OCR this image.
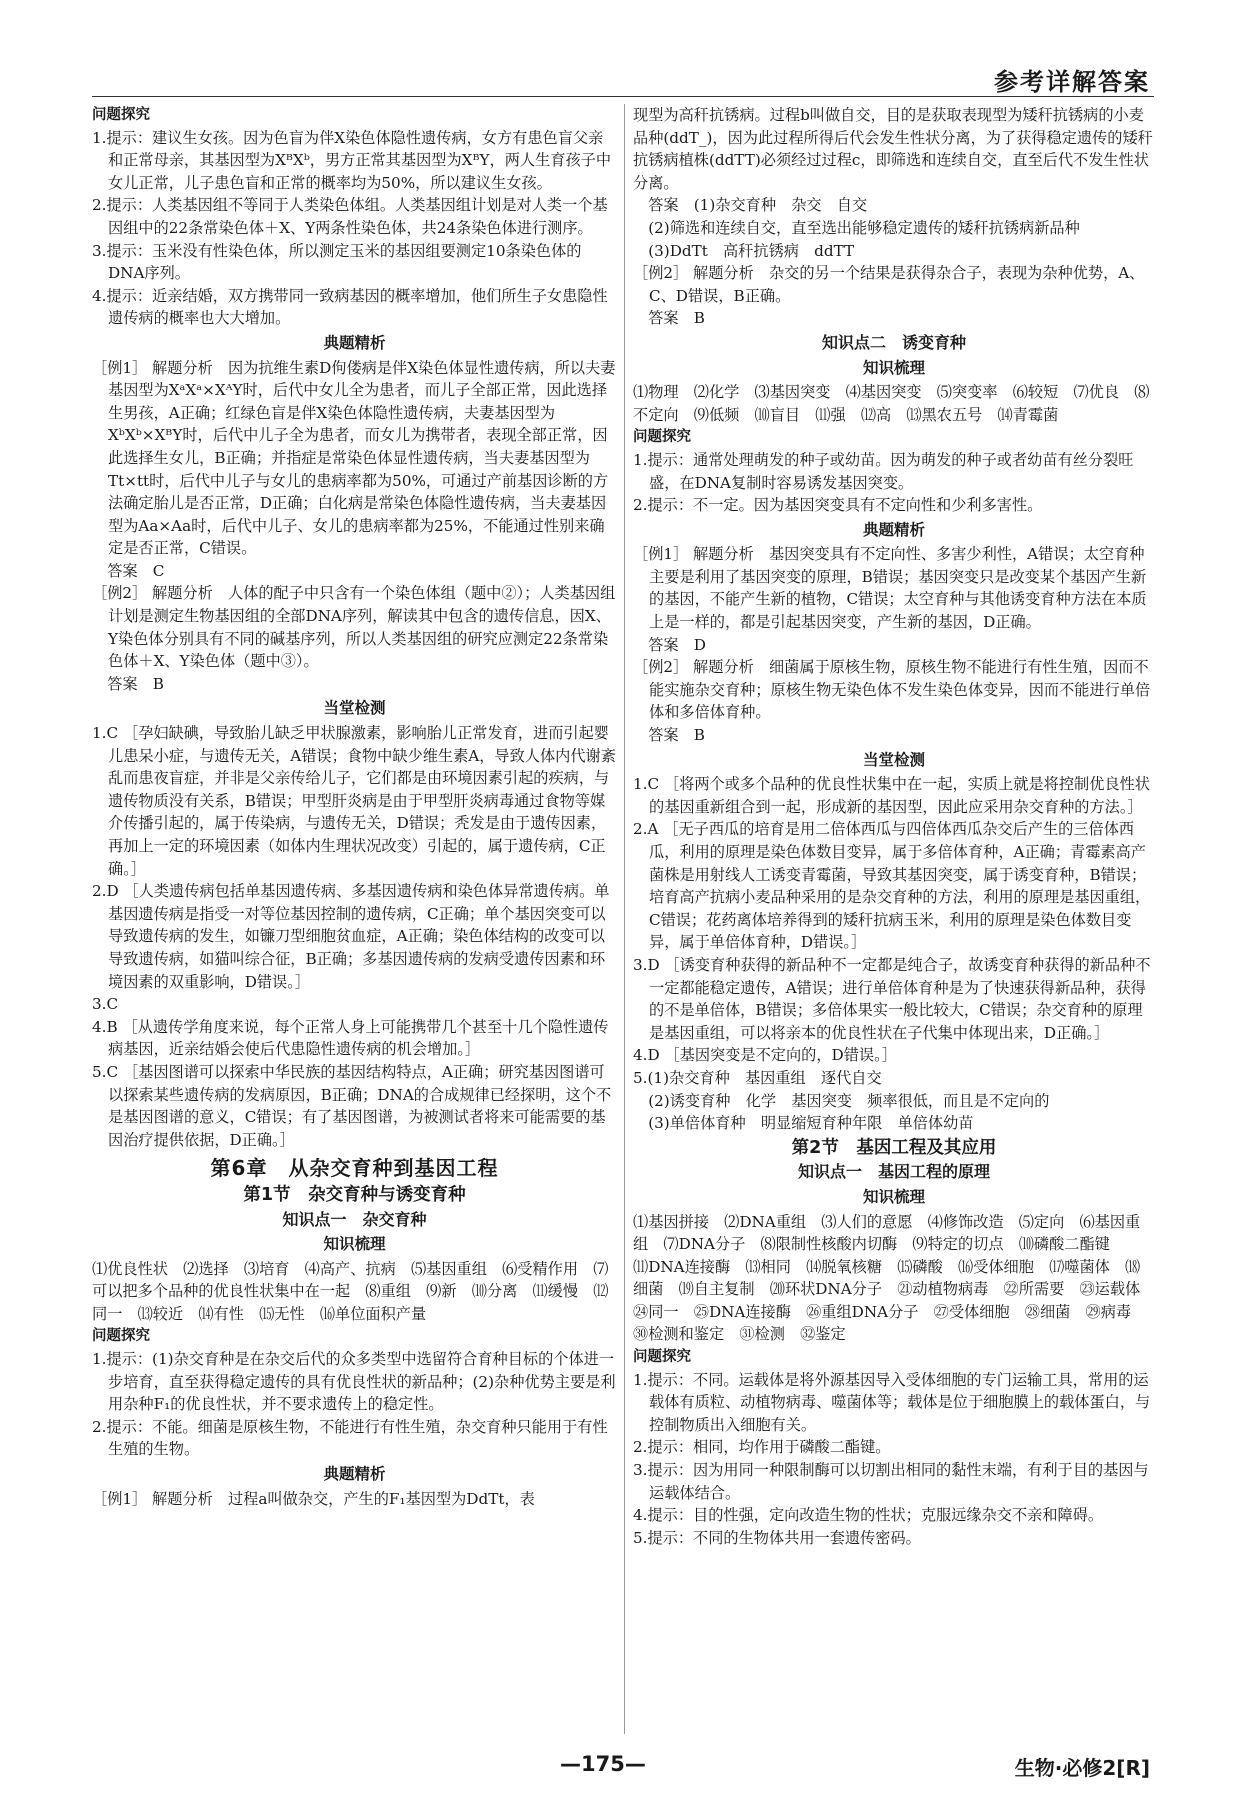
参考详解答案

问题探究

1.提示：建议生女孩。因为色盲为伴X染色体隐性遗传病，女方有患色盲父亲和正常母亲，其基因型为XᴮXᵇ，男方正常其基因型为XᴮY，两人生育孩子中女儿正常，儿子患色盲和正常的概率均为50%，所以建议生女孩。

2.提示：人类基因组不等同于人类染色体组。人类基因组计划是对人类一个基因组中的22条常染色体＋X、Y两条性染色体，共24条染色体进行测序。

3.提示：玉米没有性染色体，所以测定玉米的基因组要测定10条染色体的DNA序列。

4.提示：近亲结婚，双方携带同一致病基因的概率增加，他们所生子女患隐性遗传病的概率也大大增加。

典题精析

［例1］ 解题分析　因为抗维生素D佝偻病是伴X染色体显性遗传病，所以夫妻基因型为XᵃXᵃ×XᴬY时，后代中女儿全为患者，而儿子全部正常，因此选择生男孩，A正确；红绿色盲是伴X染色体隐性遗传病，夫妻基因型为XᵇXᵇ×XᴮY时，后代中儿子全为患者，而女儿为携带者，表现全部正常，因此选择生女儿，B正确；并指症是常染色体显性遗传病，当夫妻基因型为Tt×tt时，后代中儿子与女儿的患病率都为50%，可通过产前基因诊断的方法确定胎儿是否正常，D正确；白化病是常染色体隐性遗传病，当夫妻基因型为Aa×Aa时，后代中儿子、女儿的患病率都为25%，不能通过性别来确定是否正常，C错误。

　答案　C

［例2］ 解题分析　人体的配子中只含有一个染色体组（题中②）；人类基因组计划是测定生物基因组的全部DNA序列，解读其中包含的遗传信息，因X、Y染色体分别具有不同的碱基序列，所以人类基因组的研究应测定22条常染色体＋X、Y染色体（题中③）。

　答案　B

当堂检测

1.C ［孕妇缺碘，导致胎儿缺乏甲状腺激素，影响胎儿正常发育，进而引起婴儿患呆小症，与遗传无关，A错误；食物中缺少维生素A，导致人体内代谢紊乱而患夜盲症，并非是父亲传给儿子，它们都是由环境因素引起的疾病，与遗传物质没有关系，B错误；甲型肝炎病是由于甲型肝炎病毒通过食物等媒介传播引起的，属于传染病，与遗传无关，D错误；秃发是由于遗传因素，再加上一定的环境因素（如体内生理状况改变）引起的，属于遗传病，C正确。］

2.D ［人类遗传病包括单基因遗传病、多基因遗传病和染色体异常遗传病。单基因遗传病是指受一对等位基因控制的遗传病，C正确；单个基因突变可以导致遗传病的发生，如镰刀型细胞贫血症，A正确；染色体结构的改变可以导致遗传病，如猫叫综合征，B正确；多基因遗传病的发病受遗传因素和环境因素的双重影响，D错误。］

3.C

4.B ［从遗传学角度来说，每个正常人身上可能携带几个甚至十几个隐性遗传病基因，近亲结婚会使后代患隐性遗传病的机会增加。］

5.C ［基因图谱可以探索中华民族的基因结构特点，A正确；研究基因图谱可以探索某些遗传病的发病原因，B正确；DNA的合成规律已经探明，这个不是基因图谱的意义，C错误；有了基因图谱，为被测试者将来可能需要的基因治疗提供依据，D正确。］

第6章　从杂交育种到基因工程

第1节　杂交育种与诱变育种

知识点一　杂交育种

知识梳理

⑴优良性状　⑵选择　⑶培育　⑷高产、抗病　⑸基因重组　⑹受精作用　⑺可以把多个品种的优良性状集中在一起　⑻重组　⑼新　⑽分离　⑾缓慢　⑿同一　⒀较近　⒁有性　⒂无性　⒃单位面积产量

问题探究

1.提示：(1)杂交育种是在杂交后代的众多类型中选留符合育种目标的个体进一步培育，直至获得稳定遗传的具有优良性状的新品种；(2)杂种优势主要是利用杂种F₁的优良性状，并不要求遗传上的稳定性。

2.提示：不能。细菌是原核生物，不能进行有性生殖，杂交育种只能用于有性生殖的生物。

典题精析

［例1］ 解题分析　过程a叫做杂交，产生的F₁基因型为DdTt，表

现型为高秆抗锈病。过程b叫做自交，目的是获取表现型为矮秆抗锈病的小麦品种(ddT_)，因为此过程所得后代会发生性状分离，为了获得稳定遗传的矮秆抗锈病植株(ddTT)必须经过过程c，即筛选和连续自交，直至后代不发生性状分离。

　答案　(1)杂交育种　杂交　自交

　(2)筛选和连续自交，直至选出能够稳定遗传的矮秆抗锈病新品种

　(3)DdTt　高秆抗锈病　ddTT

［例2］ 解题分析　杂交的另一个结果是获得杂合子，表现为杂种优势，A、C、D错误，B正确。

　答案　B

知识点二　诱变育种

知识梳理

⑴物理　⑵化学　⑶基因突变　⑷基因突变　⑸突变率　⑹较短　⑺优良　⑻不定向　⑼低频　⑽盲目　⑾强　⑿高　⒀黑农五号　⒁青霉菌

问题探究

1.提示：通常处理萌发的种子或幼苗。因为萌发的种子或者幼苗有丝分裂旺盛，在DNA复制时容易诱发基因突变。

2.提示：不一定。因为基因突变具有不定向性和少利多害性。

典题精析

［例1］ 解题分析　基因突变具有不定向性、多害少利性，A错误；太空育种主要是利用了基因突变的原理，B错误；基因突变只是改变某个基因产生新的基因，不能产生新的植物，C错误；太空育种与其他诱变育种方法在本质上是一样的，都是引起基因突变，产生新的基因，D正确。

　答案　D

［例2］ 解题分析　细菌属于原核生物，原核生物不能进行有性生殖，因而不能实施杂交育种；原核生物无染色体不发生染色体变异，因而不能进行单倍体和多倍体育种。

　答案　B

当堂检测

1.C ［将两个或多个品种的优良性状集中在一起，实质上就是将控制优良性状的基因重新组合到一起，形成新的基因型，因此应采用杂交育种的方法。］

2.A ［无子西瓜的培育是用二倍体西瓜与四倍体西瓜杂交后产生的三倍体西瓜，利用的原理是染色体数目变异，属于多倍体育种，A正确；青霉素高产菌株是用射线人工诱变青霉菌，导致其基因突变，属于诱变育种，B错误；培育高产抗病小麦品种采用的是杂交育种的方法，利用的原理是基因重组，C错误；花药离体培养得到的矮秆抗病玉米，利用的原理是染色体数目变异，属于单倍体育种，D错误。］

3.D ［诱变育种获得的新品种不一定都是纯合子，故诱变育种获得的新品种不一定都能稳定遗传，A错误；进行单倍体育种是为了快速获得新品种，获得的不是单倍体，B错误；多倍体果实一般比较大，C错误；杂交育种的原理是基因重组，可以将亲本的优良性状在子代集中体现出来，D正确。］

4.D ［基因突变是不定向的，D错误。］

5.(1)杂交育种　基因重组　逐代自交

　(2)诱变育种　化学　基因突变　频率很低，而且是不定向的

　(3)单倍体育种　明显缩短育种年限　单倍体幼苗

第2节　基因工程及其应用

知识点一　基因工程的原理

知识梳理

⑴基因拼接　⑵DNA重组　⑶人们的意愿　⑷修饰改造　⑸定向　⑹基因重组　⑺DNA分子　⑻限制性核酸内切酶　⑼特定的切点　⑽磷酸二酯键　⑾DNA连接酶　⒀相同　⒁脱氧核糖　⒂磷酸　⒃受体细胞　⒄噬菌体　⒅细菌　⒆自主复制　⒇环状DNA分子　㉑动植物病毒　㉒所需要　㉓运载体　㉔同一　㉕DNA连接酶　㉖重组DNA分子　㉗受体细胞　㉘细菌　㉙病毒　㉚检测和鉴定　㉛检测　㉜鉴定

问题探究

1.提示：不同。运载体是将外源基因导入受体细胞的专门运输工具，常用的运载体有质粒、动植物病毒、噬菌体等；载体是位于细胞膜上的载体蛋白，与控制物质出入细胞有关。

2.提示：相同，均作用于磷酸二酯键。

3.提示：因为用同一种限制酶可以切割出相同的黏性末端，有利于目的基因与运载体结合。

4.提示：目的性强，定向改造生物的性状；克服远缘杂交不亲和障碍。

5.提示：不同的生物体共用一套遗传密码。

—175—	生物·必修2[R]
